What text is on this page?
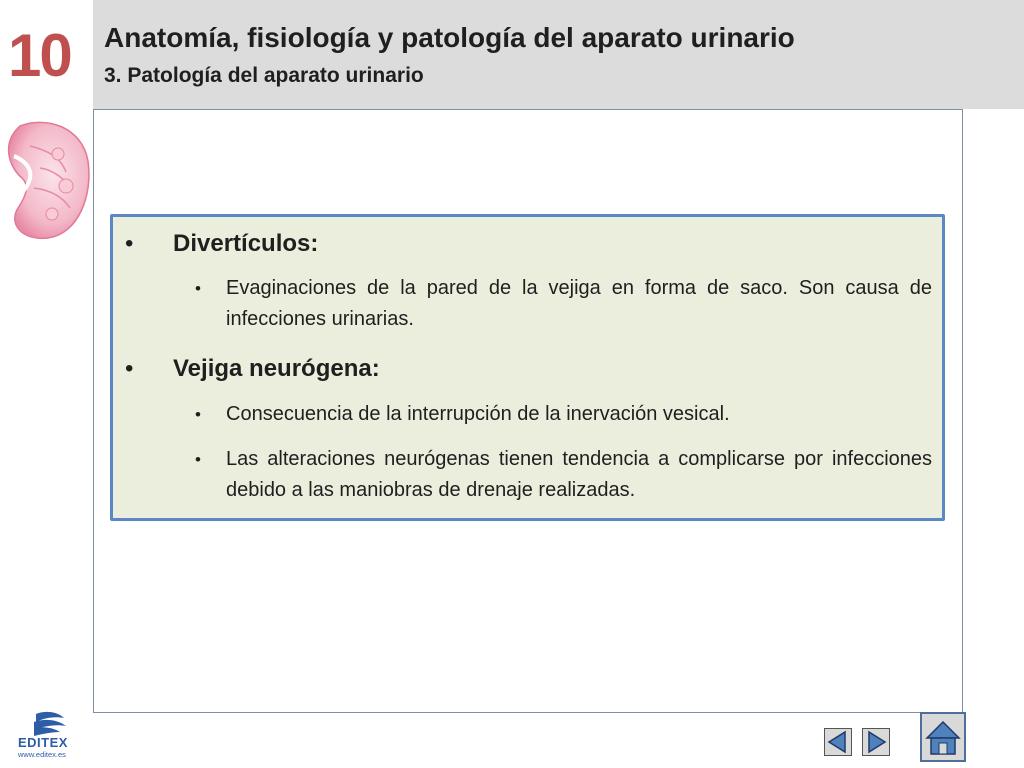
10	Anatomía, fisiología y patología del aparato urinario
3. Patología del aparato urinario
• Divertículos:
• Evaginaciones de la pared de la vejiga en forma de saco. Son causa de infecciones urinarias.
• Vejiga neurógena:
• Consecuencia de la interrupción de la inervación vesical.
• Las alteraciones neurógenas tienen tendencia a complicarse por infecciones debido a las maniobras de drenaje realizadas.
EDITEX
www.editex.es
